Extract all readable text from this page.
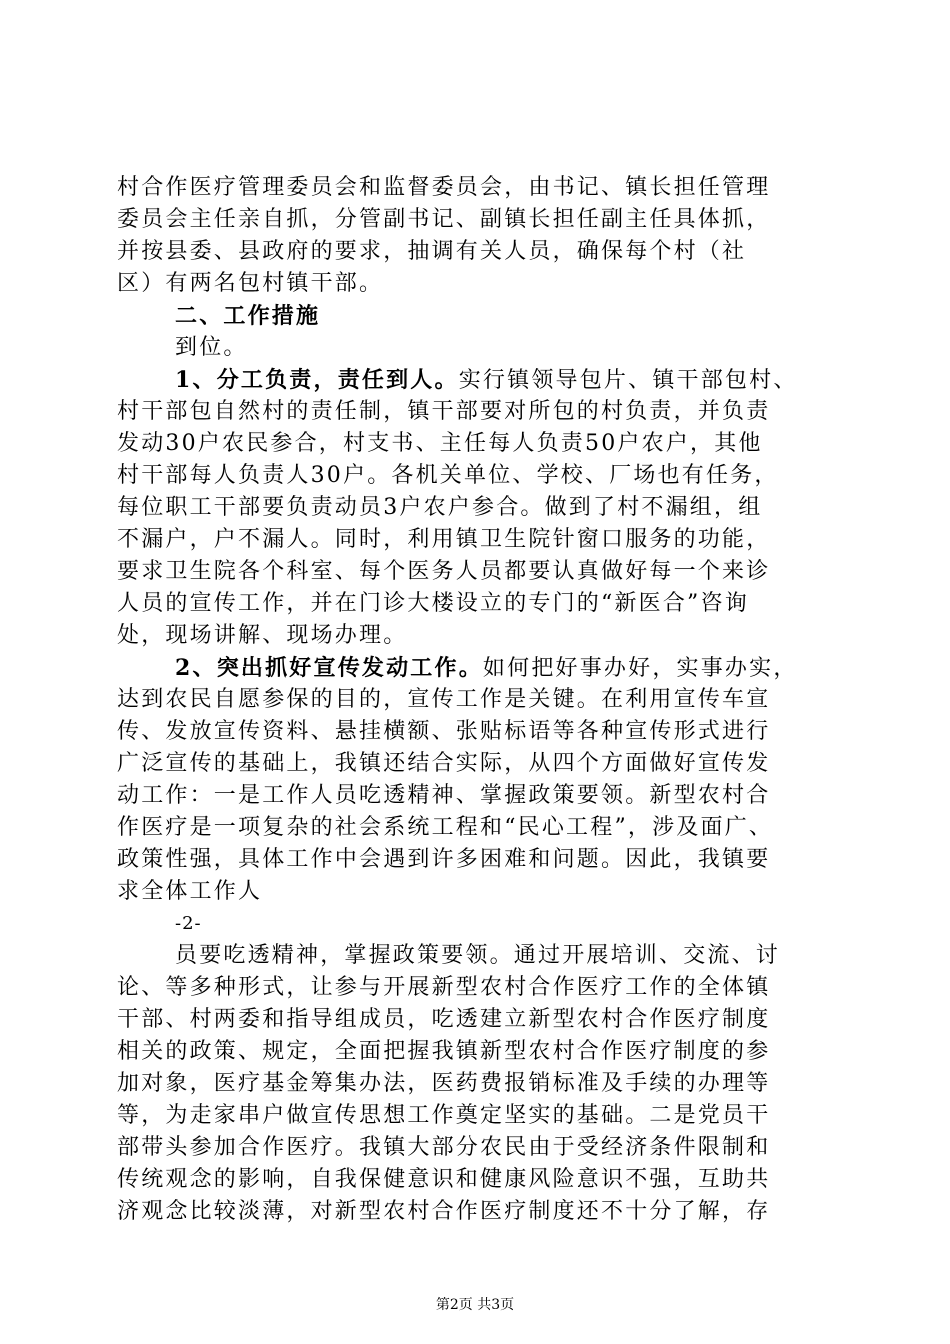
村合作医疗管理委员会和监督委员会，由书记、镇长担任管理
委员会主任亲自抓，分管副书记、副镇长担任副主任具体抓，
并按县委、县政府的要求，抽调有关人员，确保每个村（社
区）有两名包村镇干部。
二、工作措施
到位。
1、分工负责，责任到人。实行镇领导包片、镇干部包村、
村干部包自然村的责任制，镇干部要对所包的村负责，并负责
发动30户农民参合，村支书、主任每人负责50户农户，其他
村干部每人负责人30户。各机关单位、学校、厂场也有任务，
每位职工干部要负责动员3户农户参合。做到了村不漏组，组
不漏户，户不漏人。同时，利用镇卫生院针窗口服务的功能，
要求卫生院各个科室、每个医务人员都要认真做好每一个来诊
人员的宣传工作，并在门诊大楼设立的专门的“新医合”咨询
处，现场讲解、现场办理。
2、突出抓好宣传发动工作。如何把好事办好，实事办实，
达到农民自愿参保的目的，宣传工作是关键。在利用宣传车宣
传、发放宣传资料、悬挂横额、张贴标语等各种宣传形式进行
广泛宣传的基础上，我镇还结合实际，从四个方面做好宣传发
动工作：一是工作人员吃透精神、掌握政策要领。新型农村合
作医疗是一项复杂的社会系统工程和“民心工程”，涉及面广、
政策性强，具体工作中会遇到许多困难和问题。因此，我镇要
求全体工作人
-2-
员要吃透精神，掌握政策要领。通过开展培训、交流、讨
论、等多种形式，让参与开展新型农村合作医疗工作的全体镇
干部、村两委和指导组成员，吃透建立新型农村合作医疗制度
相关的政策、规定，全面把握我镇新型农村合作医疗制度的参
加对象，医疗基金筹集办法，医药费报销标准及手续的办理等
等，为走家串户做宣传思想工作奠定坚实的基础。二是党员干
部带头参加合作医疗。我镇大部分农民由于受经济条件限制和
传统观念的影响，自我保健意识和健康风险意识不强，互助共
济观念比较淡薄，对新型农村合作医疗制度还不十分了解，存
第2页 共3页
